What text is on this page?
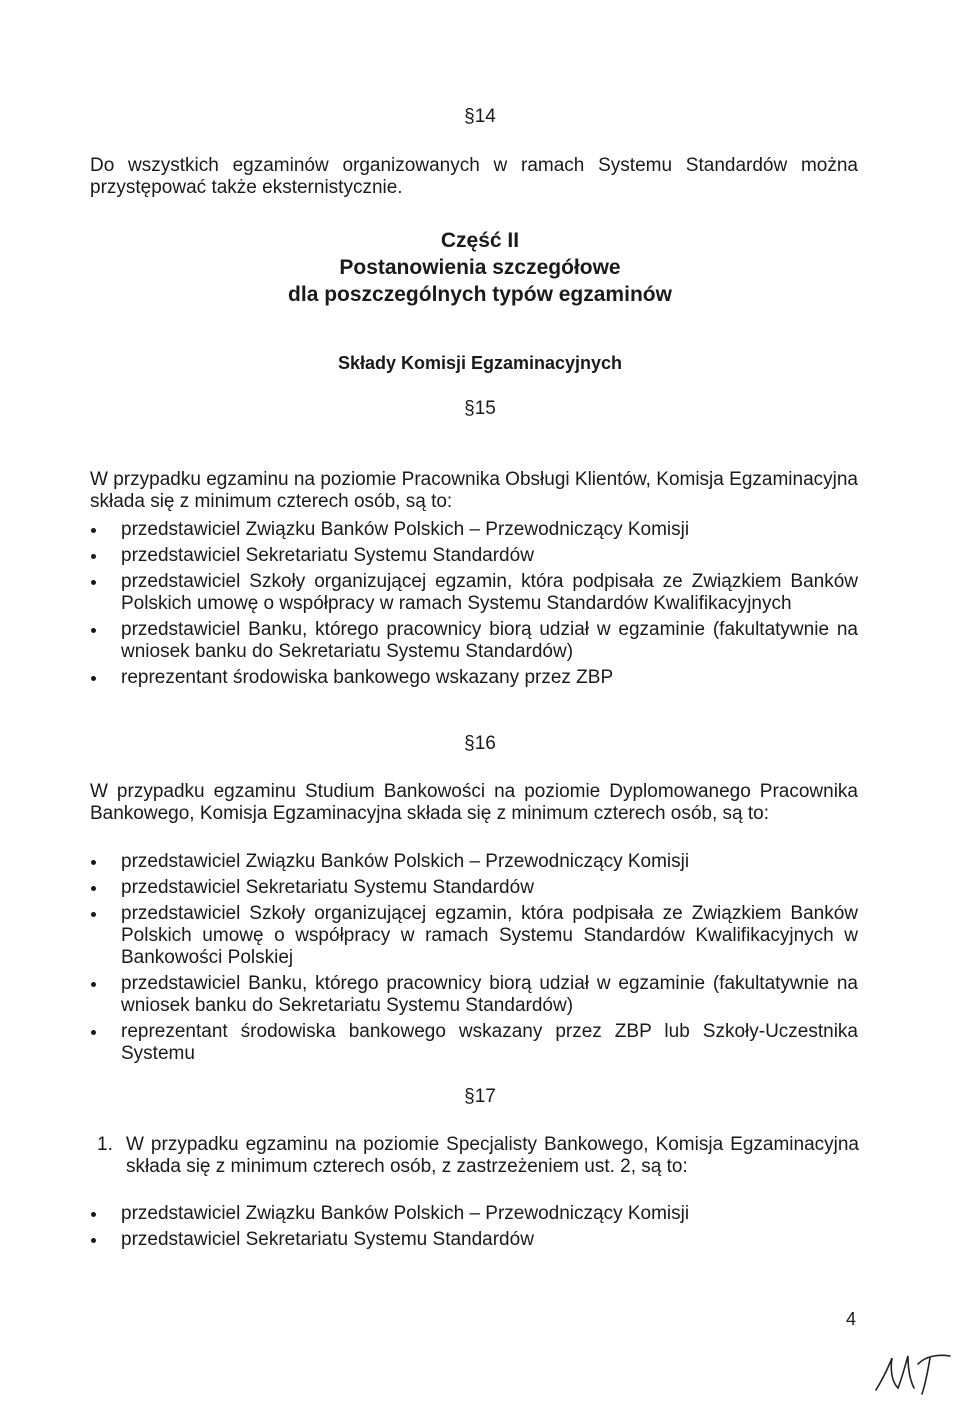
§14

Do wszystkich egzaminów organizowanych w ramach Systemu Standardów można przystępować także eksternistycznie.

Część II
Postanowienia szczegółowe
dla poszczególnych typów egzaminów
Składy Komisji Egzaminacyjnych
§15

W przypadku egzaminu na poziomie Pracownika Obsługi Klientów, Komisja Egzaminacyjna składa się z minimum czterech osób, są to:

przedstawiciel Związku Banków Polskich – Przewodniczący Komisji
przedstawiciel Sekretariatu Systemu Standardów
przedstawiciel Szkoły organizującej egzamin, która podpisała ze Związkiem Banków Polskich umowę o współpracy w ramach Systemu Standardów Kwalifikacyjnych
przedstawiciel Banku, którego pracownicy biorą udział w egzaminie (fakultatywnie na wniosek banku do Sekretariatu Systemu Standardów)
reprezentant środowiska bankowego wskazany przez ZBP
§16

W przypadku egzaminu Studium Bankowości na poziomie Dyplomowanego Pracownika Bankowego, Komisja Egzaminacyjna składa się z minimum czterech osób, są to:

przedstawiciel Związku Banków Polskich – Przewodniczący Komisji
przedstawiciel Sekretariatu Systemu Standardów
przedstawiciel Szkoły organizującej egzamin, która podpisała ze Związkiem Banków Polskich umowę o współpracy w ramach Systemu Standardów Kwalifikacyjnych w Bankowości Polskiej
przedstawiciel Banku, którego pracownicy biorą udział w egzaminie (fakultatywnie na wniosek banku do Sekretariatu Systemu Standardów)
reprezentant środowiska bankowego wskazany przez ZBP lub Szkoły-Uczestnika Systemu
§17
1. W przypadku egzaminu na poziomie Specjalisty Bankowego, Komisja Egzaminacyjna składa się z minimum czterech osób, z zastrzeżeniem ust. 2, są to:
przedstawiciel Związku Banków Polskich – Przewodniczący Komisji
przedstawiciel Sekretariatu Systemu Standardów
4
